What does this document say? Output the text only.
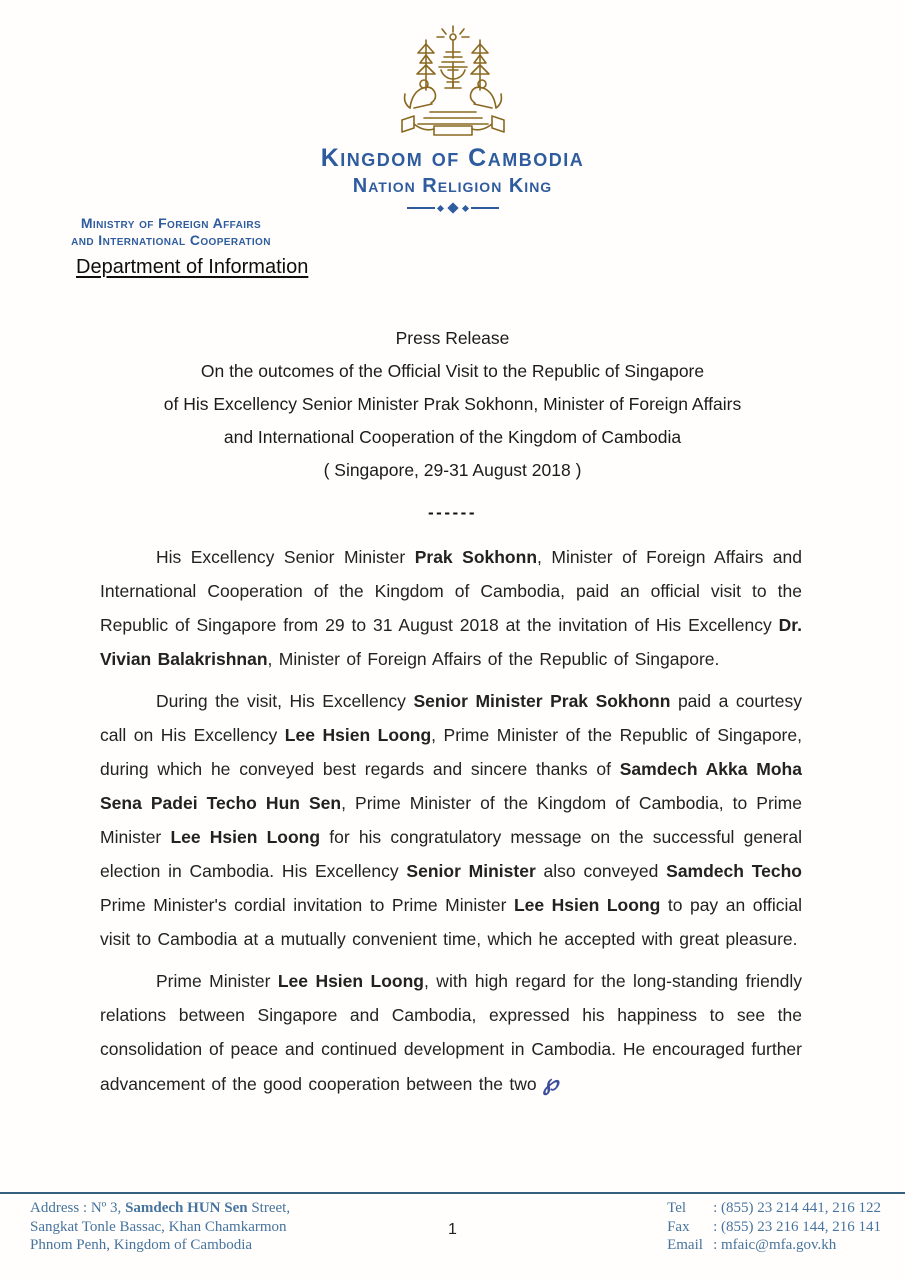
Kingdom of Cambodia
Nation Religion King
Ministry of Foreign Affairs
and International Cooperation
Department of Information
Press Release
On the outcomes of the Official Visit to the Republic of Singapore
of His Excellency Senior Minister Prak Sokhonn, Minister of Foreign Affairs
and International Cooperation of the Kingdom of Cambodia
( Singapore, 29-31 August 2018 )
------

His Excellency Senior Minister Prak Sokhonn, Minister of Foreign Affairs and International Cooperation of the Kingdom of Cambodia, paid an official visit to the Republic of Singapore from 29 to 31 August 2018 at the invitation of His Excellency Dr. Vivian Balakrishnan, Minister of Foreign Affairs of the Republic of Singapore.

During the visit, His Excellency Senior Minister Prak Sokhonn paid a courtesy call on His Excellency Lee Hsien Loong, Prime Minister of the Republic of Singapore, during which he conveyed best regards and sincere thanks of Samdech Akka Moha Sena Padei Techo Hun Sen, Prime Minister of the Kingdom of Cambodia, to Prime Minister Lee Hsien Loong for his congratulatory message on the successful general election in Cambodia. His Excellency Senior Minister also conveyed Samdech Techo Prime Minister's cordial invitation to Prime Minister Lee Hsien Loong to pay an official visit to Cambodia at a mutually convenient time, which he accepted with great pleasure.

Prime Minister Lee Hsien Loong, with high regard for the long-standing friendly relations between Singapore and Cambodia, expressed his happiness to see the consolidation of peace and continued development in Cambodia. He encouraged further advancement of the good cooperation between the two ℘

Address : Nº 3, Samdech HUN Sen Street,
Sangkat Tonle Bassac, Khan Chamkarmon
Phnom Penh, Kingdom of Cambodia
1
Tel	: (855) 23 214 441, 216 122
Fax	: (855) 23 216 144, 216 141
Email : mfaic@mfa.gov.kh
